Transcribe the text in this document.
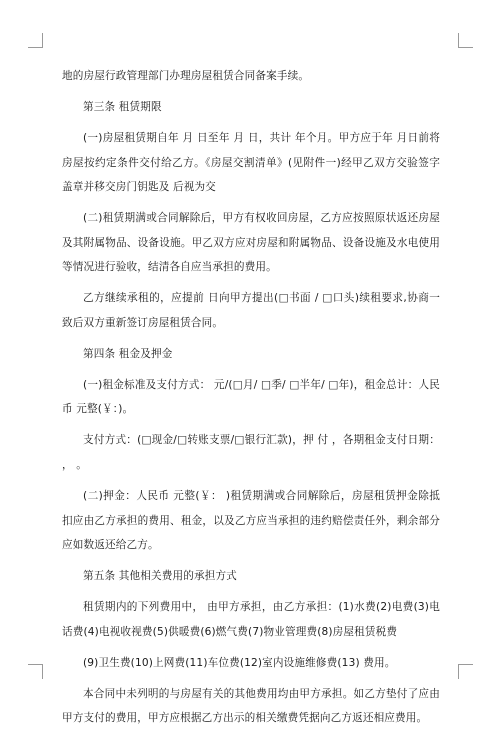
地的房屋行政管理部门办理房屋租赁合同备案手续。

第三条 租赁期限

(一)房屋租赁期自年 月 日至年 月 日，共计 年个月。甲方应于年 月日前将房屋按约定条件交付给乙方。《房屋交割清单》(见附件一)经甲乙双方交验签字盖章并移交房门钥匙及 后视为交

(二)租赁期满或合同解除后，甲方有权收回房屋，乙方应按照原状返还房屋及其附属物品、设备设施。甲乙双方应对房屋和附属物品、设备设施及水电使用等情况进行验收，结清各自应当承担的费用。

乙方继续承租的，应提前 日向甲方提出(□书面 / □口头)续租要求,协商一致后双方重新签订房屋租赁合同。

第四条 租金及押金

(一)租金标准及支付方式： 元/(□月/ □季/ □半年/ □年)，租金总计：人民币 元整(￥：)。

支付方式：(□现金/□转账支票/□银行汇款)，押 付 ，各期租金支付日期： ， 。

(二)押金：人民币 元整(￥： )租赁期满或合同解除后，房屋租赁押金除抵扣应由乙方承担的费用、租金，以及乙方应当承担的违约赔偿责任外，剩余部分应如数返还给乙方。

第五条 其他相关费用的承担方式

租赁期内的下列费用中， 由甲方承担，由乙方承担：(1)水费(2)电费(3)电话费(4)电视收视费(5)供暖费(6)燃气费(7)物业管理费(8)房屋租赁税费

(9)卫生费(10)上网费(11)车位费(12)室内设施维修费(13) 费用。

本合同中未列明的与房屋有关的其他费用均由甲方承担。如乙方垫付了应由甲方支付的费用，甲方应根据乙方出示的相关缴费凭据向乙方返还相应费用。
